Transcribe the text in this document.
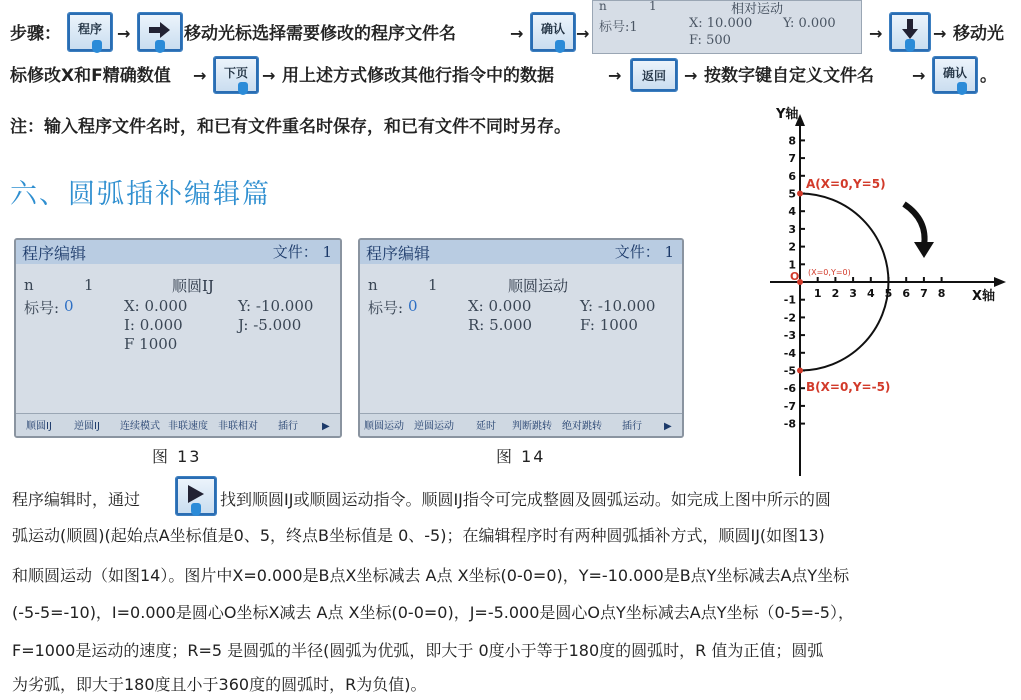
步骤：	程序 →	移动光标选择需要修改的程序文件名	→	确认 →
n	1	相对运动
标号:1	X: 10.000 Y: 0.000
F: 500	→	→ 移动光
标修改X和F精确数值 →	下页 → 用上述方式修改其他行指令中的数据	→	返回	→ 按数字键自定义文件名 →	确认 。
注：输入程序文件名时，和已有文件重名时保存，和已有文件不同时另存。
六、圆弧插补编辑篇
程序编辑	文件： 1
n	1	顺圆IJ
标号: 0	X: 0.000	Y: -10.000
I: 0.000	J: -5.000
F 1000
顺圆IJ 逆圆IJ 连续模式 非联速度 非联相对 插行 ▶
程序编辑	文件： 1
n	1	顺圆运动
标号: 0	X: 0.000	Y: -10.000
R: 5.000	F: 1000
顺圆运动 逆圆运动 延时 判断跳转 绝对跳转 插行 ▶
图 13	图 14
Y轴
X轴
8
7
6
5
4
3
2
1
-1
-2
-3
-4
-5
-6
-7
-8
1 2 3 4 5 6 7 8
A(X=0,Y=5)
B(X=0,Y=-5)
O (X=0,Y=0)
程序编辑时，通过	找到顺圆IJ或顺圆运动指令。顺圆IJ指令可完成整圆及圆弧运动。如完成上图中所示的圆
弧运动(顺圆)(起始点A坐标值是0、5，终点B坐标值是 0、-5)；在编辑程序时有两种圆弧插补方式，顺圆IJ(如图13)
和顺圆运动（如图14）。图片中X=0.000是B点X坐标减去 A点 X坐标(0-0=0)，Y=-10.000是B点Y坐标减去A点Y坐标
(-5-5=-10)，I=0.000是圆心O坐标X减去 A点 X坐标(0-0=0)，J=-5.000是圆心O点Y坐标减去A点Y坐标（0-5=-5），
F=1000是运动的速度；R=5 是圆弧的半径(圆弧为优弧，即大于 0度小于等于180度的圆弧时，R 值为正值；圆弧
为劣弧，即大于180度且小于360度的圆弧时，R为负值)。
